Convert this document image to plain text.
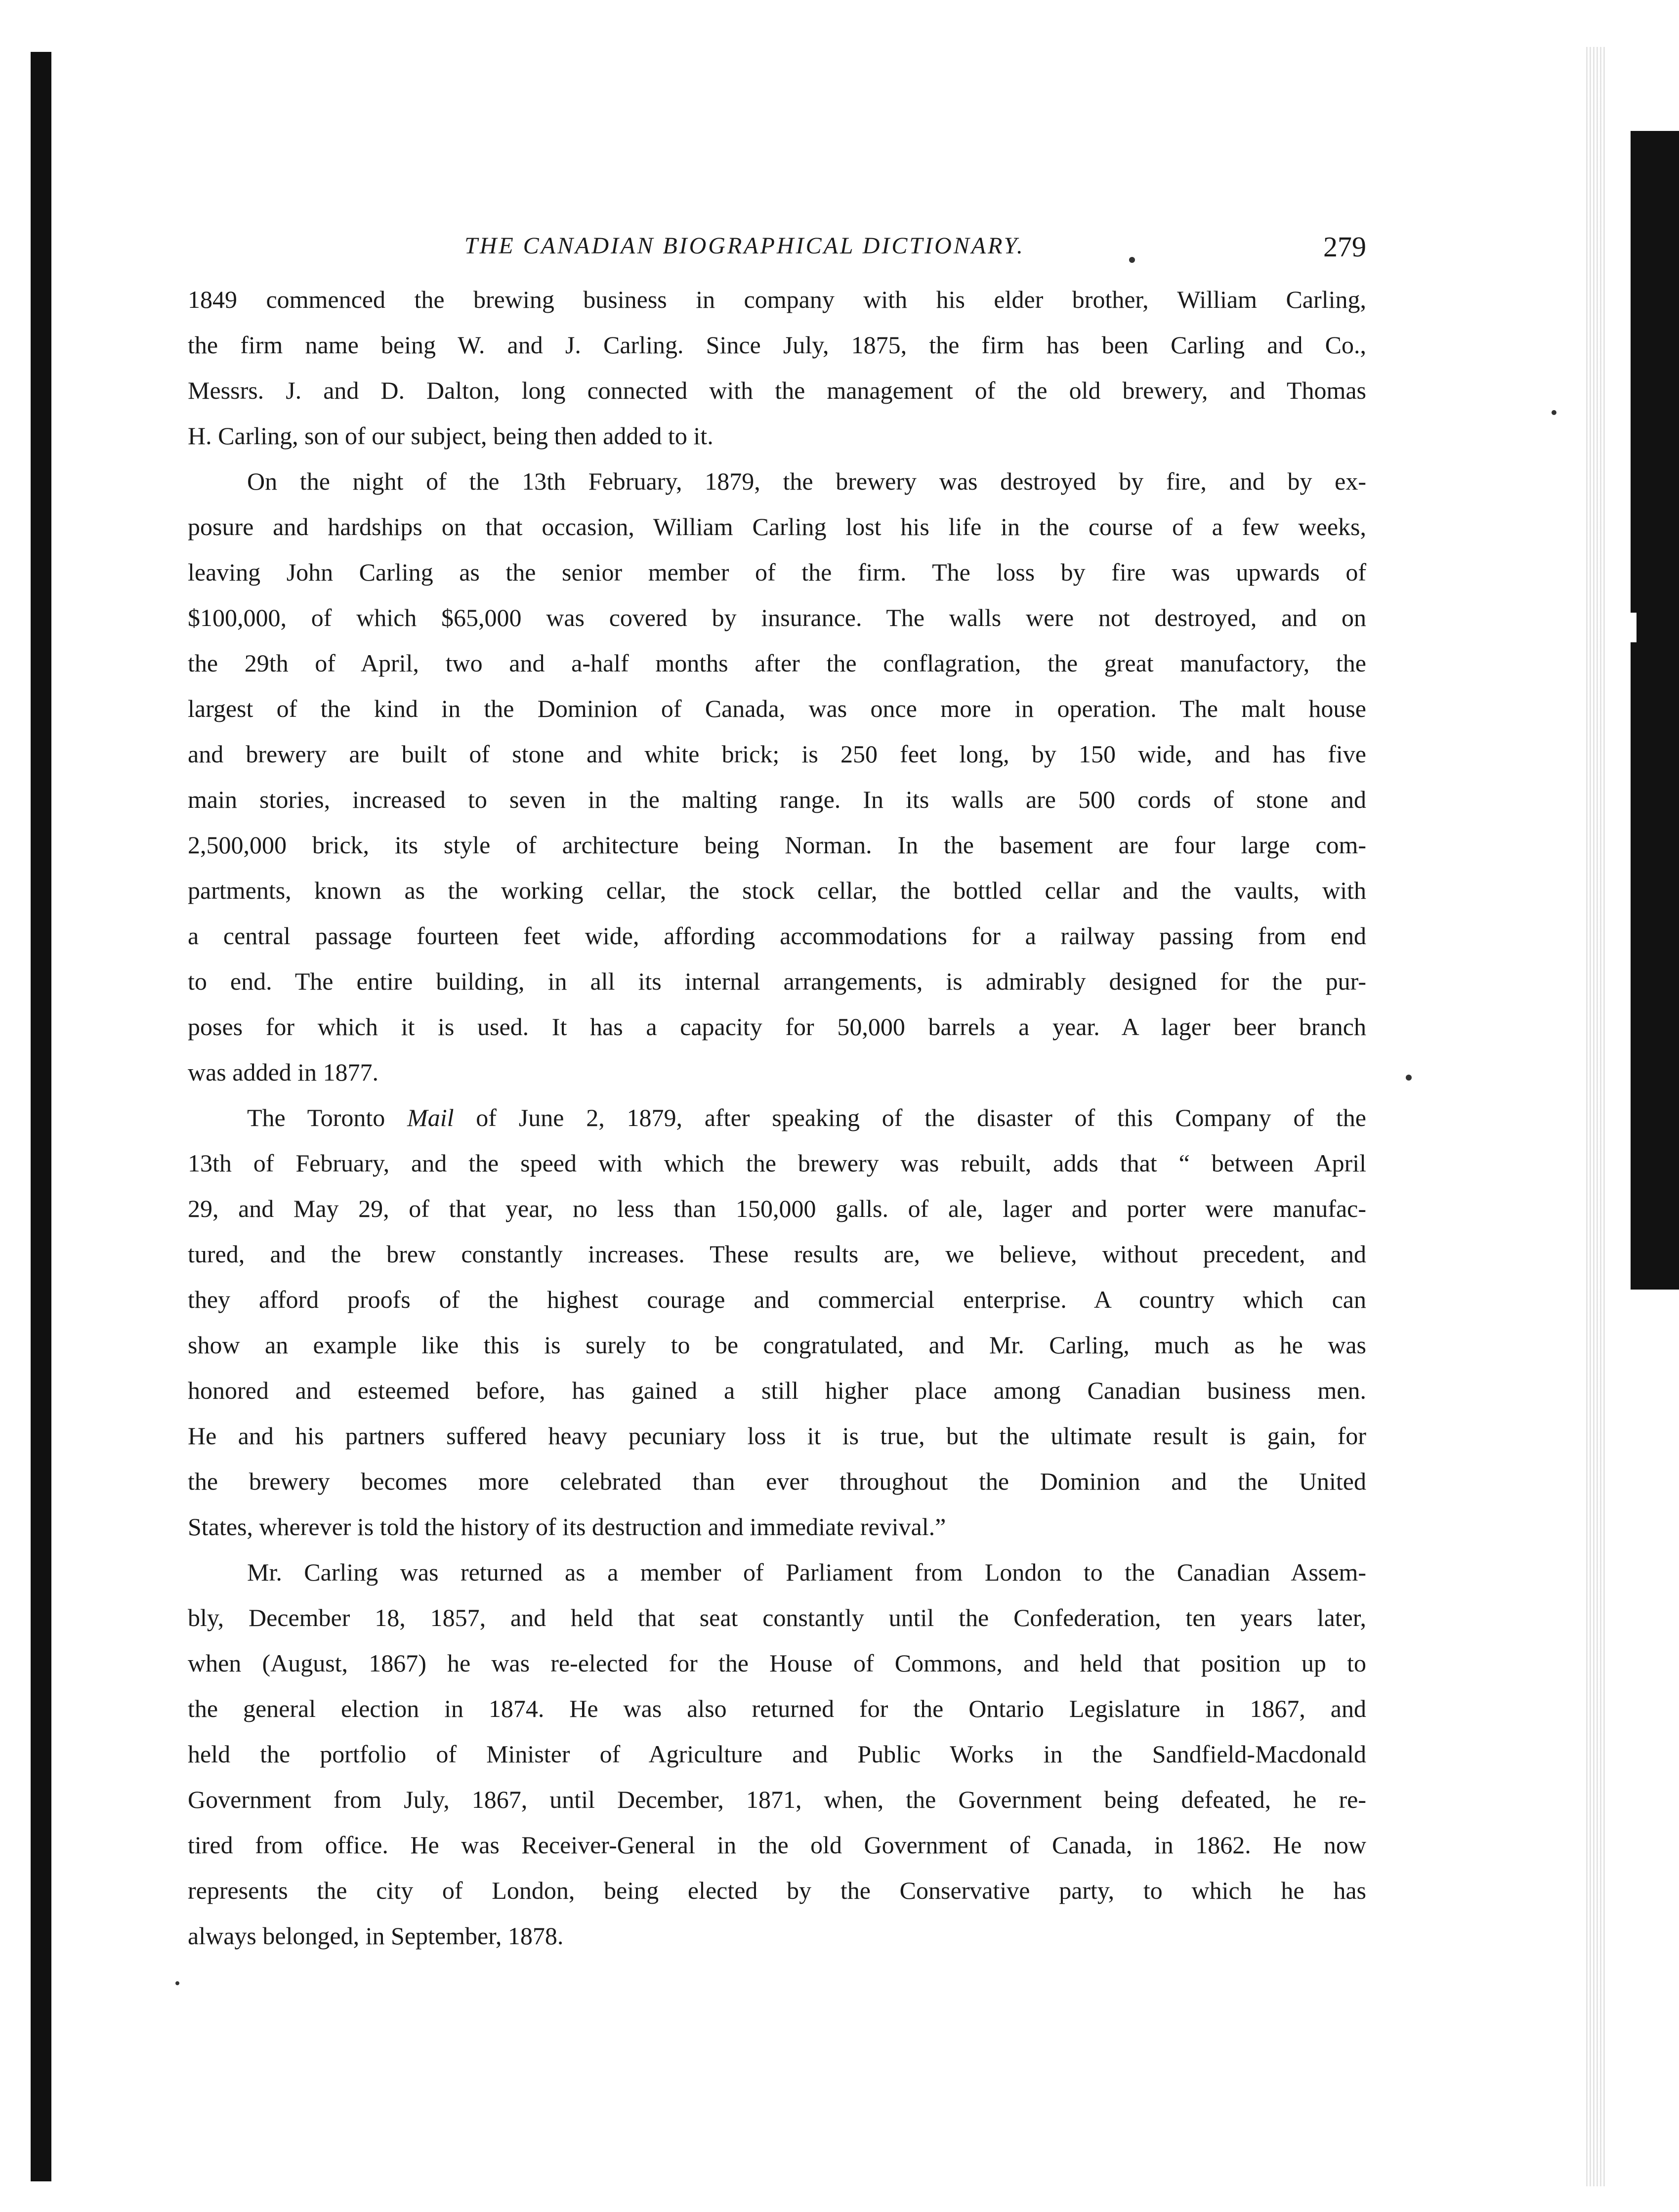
THE CANADIAN BIOGRAPHICAL DICTIONARY.	279
1849 commenced the brewing business in company with his elder brother, William Carling,
the firm name being W. and J. Carling. Since July, 1875, the firm has been Carling and Co.,
Messrs. J. and D. Dalton, long connected with the management of the old brewery, and Thomas
H. Carling, son of our subject, being then added to it.
On the night of the 13th February, 1879, the brewery was destroyed by fire, and by ex-
posure and hardships on that occasion, William Carling lost his life in the course of a few weeks,
leaving John Carling as the senior member of the firm. The loss by fire was upwards of
$100,000, of which $65,000 was covered by insurance. The walls were not destroyed, and on
the 29th of April, two and a-half months after the conflagration, the great manufactory, the
largest of the kind in the Dominion of Canada, was once more in operation. The malt house
and brewery are built of stone and white brick; is 250 feet long, by 150 wide, and has five
main stories, increased to seven in the malting range. In its walls are 500 cords of stone and
2,500,000 brick, its style of architecture being Norman. In the basement are four large com-
partments, known as the working cellar, the stock cellar, the bottled cellar and the vaults, with
a central passage fourteen feet wide, affording accommodations for a railway passing from end
to end. The entire building, in all its internal arrangements, is admirably designed for the pur-
poses for which it is used. It has a capacity for 50,000 barrels a year. A lager beer branch
was added in 1877.
The Toronto Mail of June 2, 1879, after speaking of the disaster of this Company of the
13th of February, and the speed with which the brewery was rebuilt, adds that “ between April
29, and May 29, of that year, no less than 150,000 galls. of ale, lager and porter were manufac-
tured, and the brew constantly increases. These results are, we believe, without precedent, and
they afford proofs of the highest courage and commercial enterprise. A country which can
show an example like this is surely to be congratulated, and Mr. Carling, much as he was
honored and esteemed before, has gained a still higher place among Canadian business men.
He and his partners suffered heavy pecuniary loss it is true, but the ultimate result is gain, for
the brewery becomes more celebrated than ever throughout the Dominion and the United
States, wherever is told the history of its destruction and immediate revival.”
Mr. Carling was returned as a member of Parliament from London to the Canadian Assem-
bly, December 18, 1857, and held that seat constantly until the Confederation, ten years later,
when (August, 1867) he was re-elected for the House of Commons, and held that position up to
the general election in 1874. He was also returned for the Ontario Legislature in 1867, and
held the portfolio of Minister of Agriculture and Public Works in the Sandfield-Macdonald
Government from July, 1867, until December, 1871, when, the Government being defeated, he re-
tired from office. He was Receiver-General in the old Government of Canada, in 1862. He now
represents the city of London, being elected by the Conservative party, to which he has
always belonged, in September, 1878.
